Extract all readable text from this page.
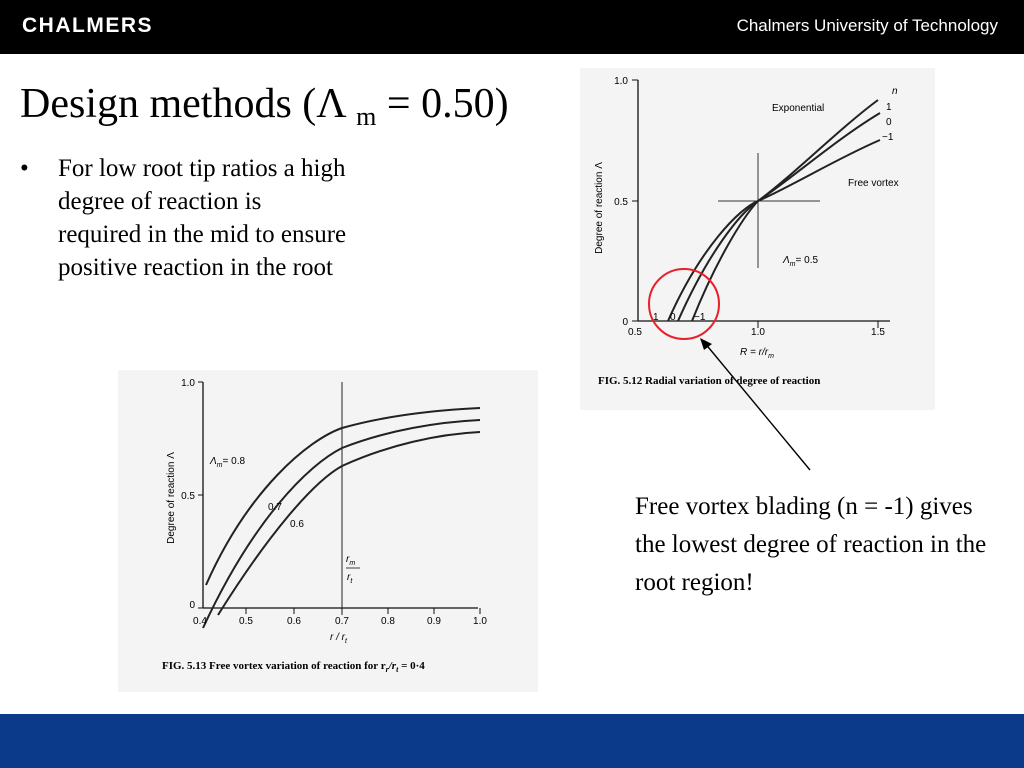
CHALMERS	Chalmers University of Technology
Design methods (Λ $_m$ = 0.50)
• For low root tip ratios a high degree of reaction is required in the mid to ensure positive reaction in the root
1.0
0.5
0
0.5	1.0	1.5
Degree of reaction Λ
$R = r/r_m$
Exponential
n
1
0
−1
Free vortex
$\Lambda_m= 0.5$
1 0 −1
FIG. 5.12 Radial variation of degree of reaction
1.0
0.5
0
0.4	0.5	0.6	0.7	0.8	0.9	1.0
Degree of reaction Λ
r / $r_t$
$\Lambda_m= 0.8$
0.7
0.6
$r_m$
$r_t$
FIG. 5.13 Free vortex variation of reaction for $r_r/r_t = 0\cdot 4$
Free vortex blading (n = -1) gives the lowest degree of reaction in the root region!
